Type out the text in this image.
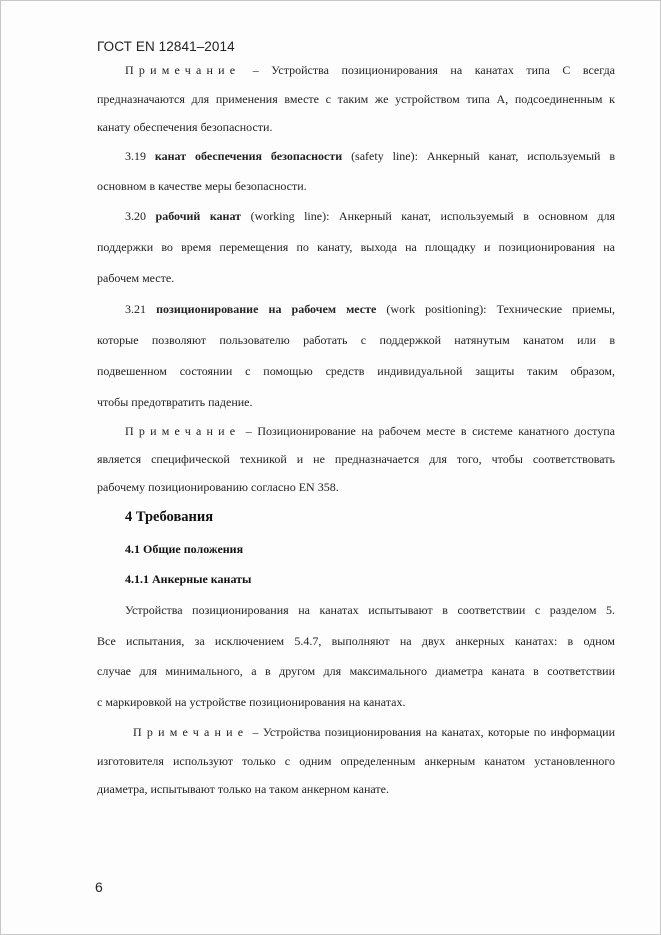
ГОСТ EN 12841–2014
Примечание – Устройства позиционирования на канатах типа С всегда
предназначаются для применения вместе с таким же устройством типа А, подсоединенным к
канату обеспечения безопасности.
3.19 канат обеспечения безопасности (safety line): Анкерный канат, используемый в
основном в качестве меры безопасности.
3.20 рабочий канат (working line): Анкерный канат, используемый в основном для
поддержки во время перемещения по канату, выхода на площадку и позиционирования на
рабочем месте.
3.21 позиционирование на рабочем месте (work positioning): Технические приемы,
которые позволяют пользователю работать с поддержкой натянутым канатом или в
подвешенном состоянии с помощью средств индивидуальной защиты таким образом,
чтобы предотвратить падение.
Примечание – Позиционирование на рабочем месте в системе канатного доступа
является специфической техникой и не предназначается для того, чтобы соответствовать
рабочему позиционированию согласно EN 358.
4 Требования
4.1 Общие положения
4.1.1 Анкерные канаты
Устройства позиционирования на канатах испытывают в соответствии с разделом 5.
Все испытания, за исключением 5.4.7, выполняют на двух анкерных канатах: в одном
случае для минимального, а в другом для максимального диаметра каната в соответствии
с маркировкой на устройстве позиционирования на канатах.
Примечание – Устройства позиционирования на канатах, которые по информации
изготовителя используют только с одним определенным анкерным канатом установленного
диаметра, испытывают только на таком анкерном канате.
6
